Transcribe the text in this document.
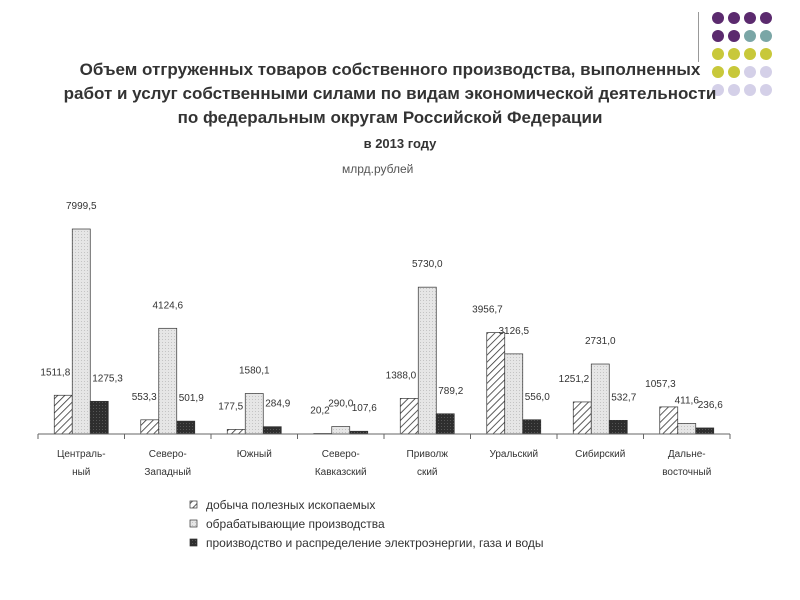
Объем отгруженных товаров собственного производства, выполненных
работ и услуг собственными силами по видам экономической деятельности
по федеральным округам Российской Федерации
в 2013 году
млрд.рублей
1511,8
7999,5
1275,3
553,3
4124,6
501,9
177,5
1580,1
284,9
20,2
290,0
107,6
1388,0
5730,0
789,2
3956,7
3126,5
556,0
1251,2
2731,0
532,7
1057,3
411,6
236,6
Централь-
ный
Северо-
Западный
Южный	Северо-
Кавказский
Приволж
ский
Уральский	Сибирский	Дальне-
восточный
добыча полезных ископаемых
обрабатывающие производства
производство и распределение электроэнергии, газа и воды
